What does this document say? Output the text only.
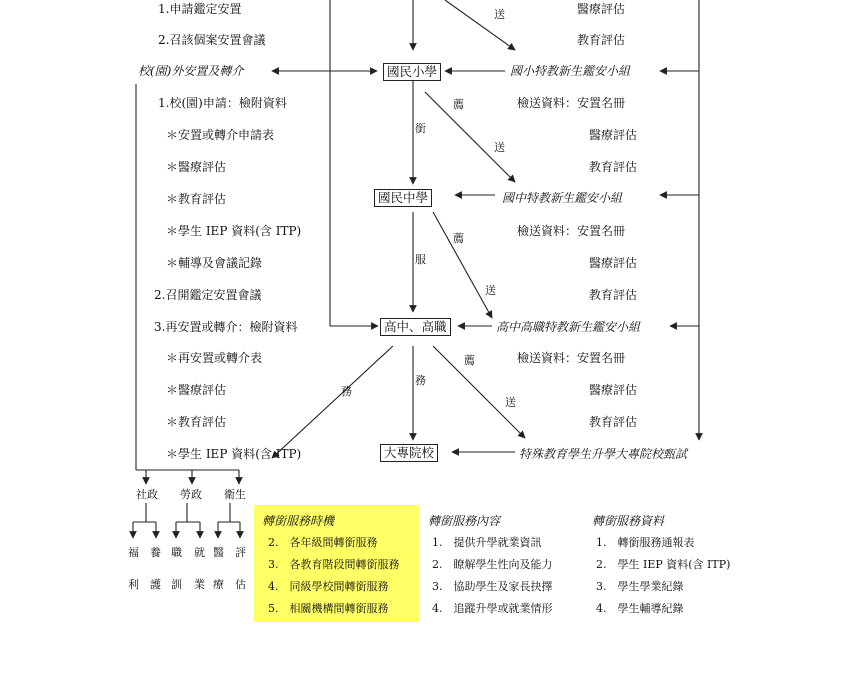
1.申請鑑定安置
2.召該個案安置會議
校(園)外安置及轉介
1.校(園)申請：檢附資料
＊安置或轉介申請表
＊醫療評估
＊教育評估
＊學生 IEP 資料(含 ITP)
＊輔導及會議記錄
2.召開鑑定安置會議
3.再安置或轉介：檢附資料
＊再安置或轉介表
＊醫療評估
＊教育評估
＊學生 IEP 資料(含 ITP)
國民小學
國民中學
高中、高職
大專院校
醫療評估
教育評估
國小特教新生鑑安小組
檢送資料：安置名冊
醫療評估
教育評估
國中特教新生鑑安小組
檢送資料：安置名冊
醫療評估
教育評估
高中高職特教新生鑑安小組
檢送資料：安置名冊
醫療評估
教育評估
特殊教育學生升學大專院校甄試
送
薦
銜
送
薦
服
送
薦
務
務
送
社政 勞政 衛生
福 養 職 就 醫 評
利 護 訓 業 療 估
轉銜服務時機
2.　各年級間轉銜服務
3.　各教育階段間轉銜服務
4.　同級學校間轉銜服務
5.　相關機構間轉銜服務
轉銜服務內容
1.　提供升學就業資訊
2.　瞭解學生性向及能力
3.　協助學生及家長抉擇
4.　追蹤升學或就業情形
轉銜服務資料
1.　轉銜服務通報表
2.　學生 IEP 資料(含 ITP)
3.　學生學業紀錄
4.　學生輔導紀錄
